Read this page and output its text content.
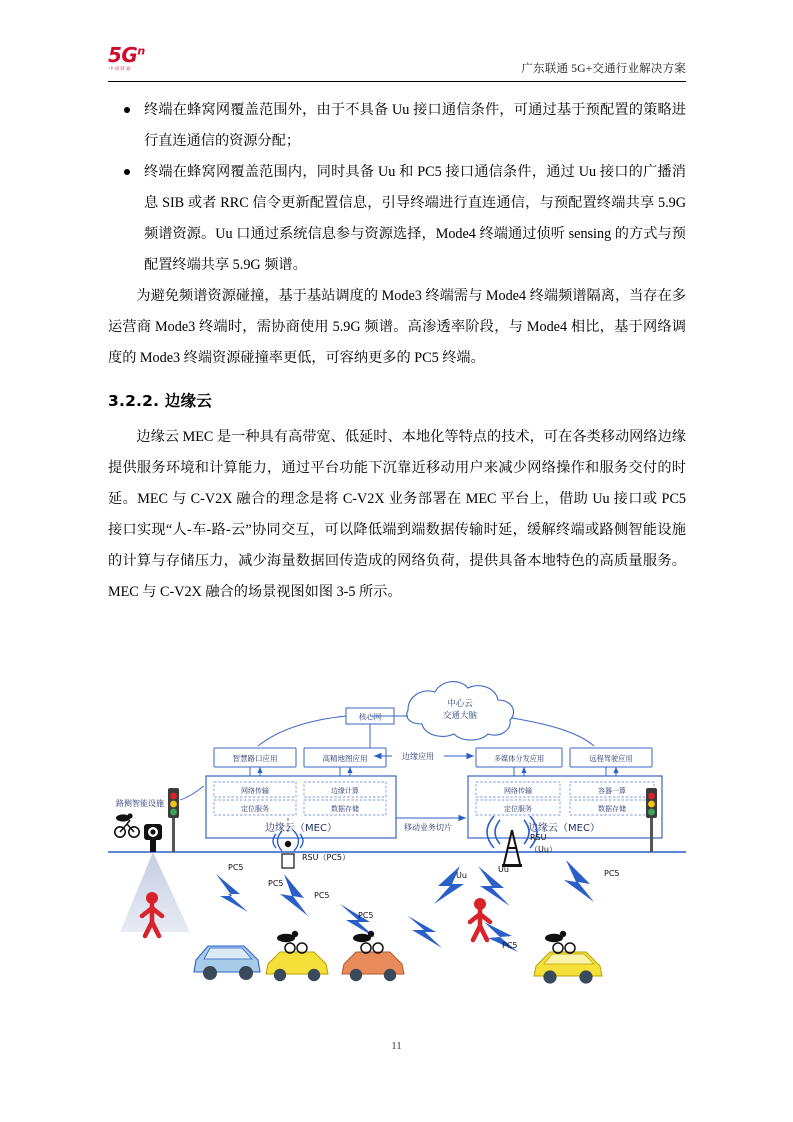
$5G^n$
中国联通	广东联通 5G+交通行业解决方案
终端在蜂窝网覆盖范围外，由于不具备 Uu 接口通信条件，可通过基于预配置的策略进行直连通信的资源分配；
终端在蜂窝网覆盖范围内，同时具备 Uu 和 PC5 接口通信条件，通过 Uu 接口的广播消息 SIB 或者 RRC 信令更新配置信息，引导终端进行直连通信，与预配置终端共享 5.9G 频谱资源。Uu 口通过系统信息参与资源选择，Mode4 终端通过侦听 sensing 的方式与预配置终端共享 5.9G 频谱。

为避免频谱资源碰撞，基于基站调度的 Mode3 终端需与 Mode4 终端频谱隔离，当存在多运营商 Mode3 终端时，需协商使用 5.9G 频谱。高渗透率阶段，与 Mode4 相比，基于网络调度的 Mode3 终端资源碰撞率更低，可容纳更多的 PC5 终端。

3.2.2. 边缘云

边缘云 MEC 是一种具有高带宽、低延时、本地化等特点的技术，可在各类移动网络边缘提供服务环境和计算能力，通过平台功能下沉靠近移动用户来减少网络操作和服务交付的时延。MEC 与 C-V2X 融合的理念是将 C-V2X 业务部署在 MEC 平台上，借助 Uu 接口或 PC5 接口实现“人-车-路-云”协同交互，可以降低端到端数据传输时延，缓解终端或路侧智能设施的计算与存储压力，减少海量数据回传造成的网络负荷，提供具备本地特色的高质量服务。MEC 与 C-V2X 融合的场景视图如图 3-5 所示。

中心云
交通大脑
核心网
智慧路口应用	高精地图应用
网络传输	边缘计算
定位服务	数据存储
边缘云（MEC）
多媒体分发应用	远程驾驶应用
网络传输	容器一算
定位服务	数据存储
边缘云（MEC）
边缘应用
移动业务切片
路侧智能设施
RSU（PC5）
RSU
（Uu）
PC5
PC5
PC5
PC5	Uu
Uu	PC5
PC5
11
